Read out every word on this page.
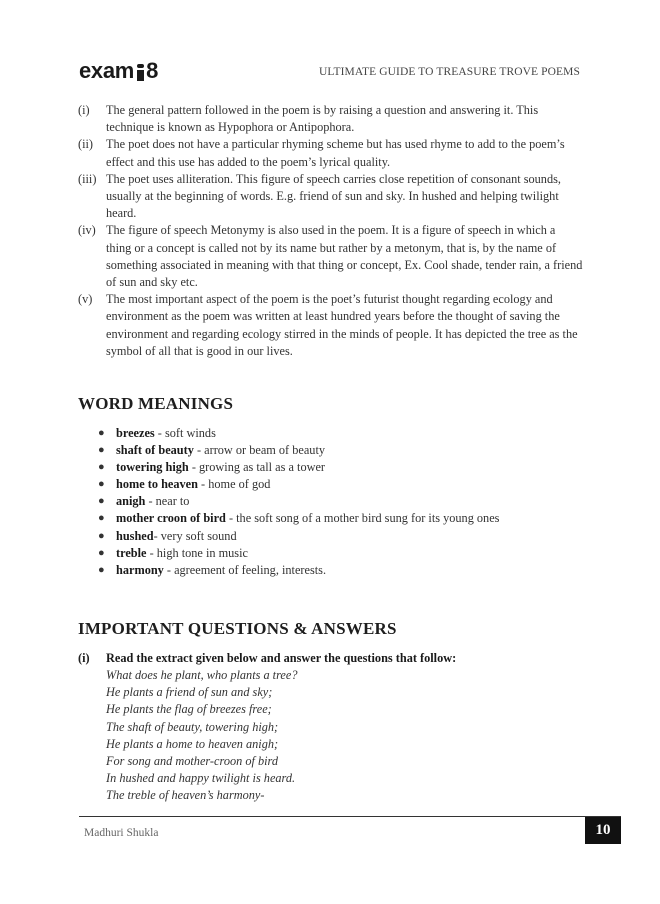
exam 8	ULTIMATE GUIDE TO TREASURE TROVE POEMS
(i)	The general pattern followed in the poem is by raising a question and answering it. This technique is known as Hypophora or Antipophora.
(ii)	The poet does not have a particular rhyming scheme but has used rhyme to add to the poem’s effect and this use has added to the poem’s lyrical quality.
(iii) The poet uses alliteration. This figure of speech carries close repetition of consonant sounds, usually at the beginning of words. E.g. friend of sun and sky. In hushed and helping twilight heard.
(iv) The figure of speech Metonymy is also used in the poem. It is a figure of speech in which a thing or a concept is called not by its name but rather by a metonym, that is, by the name of something associated in meaning with that thing or concept, Ex. Cool shade, tender rain, a friend of sun and sky etc.
(v)	The most important aspect of the poem is the poet’s futurist thought regarding ecology and environment as the poem was written at least hundred years before the thought of saving the environment and regarding ecology stirred in the minds of people. It has depicted the tree as the symbol of all that is good in our lives.
WORD MEANINGS
● breezes - soft winds
● shaft of beauty - arrow or beam of beauty
● towering high - growing as tall as a tower
● home to heaven - home of god
● anigh - near to
● mother croon of bird - the soft song of a mother bird sung for its young ones
● hushed- very soft sound
● treble - high tone in music
● harmony - agreement of feeling, interests.
IMPORTANT QUESTIONS & ANSWERS
(i)	Read the extract given below and answer the questions that follow:
What does he plant, who plants a tree?
He plants a friend of sun and sky;
He plants the flag of breezes free;
The shaft of beauty, towering high;
He plants a home to heaven anigh;
For song and mother-croon of bird
In hushed and happy twilight is heard.
The treble of heaven’s harmony-
Madhuri Shukla	10
